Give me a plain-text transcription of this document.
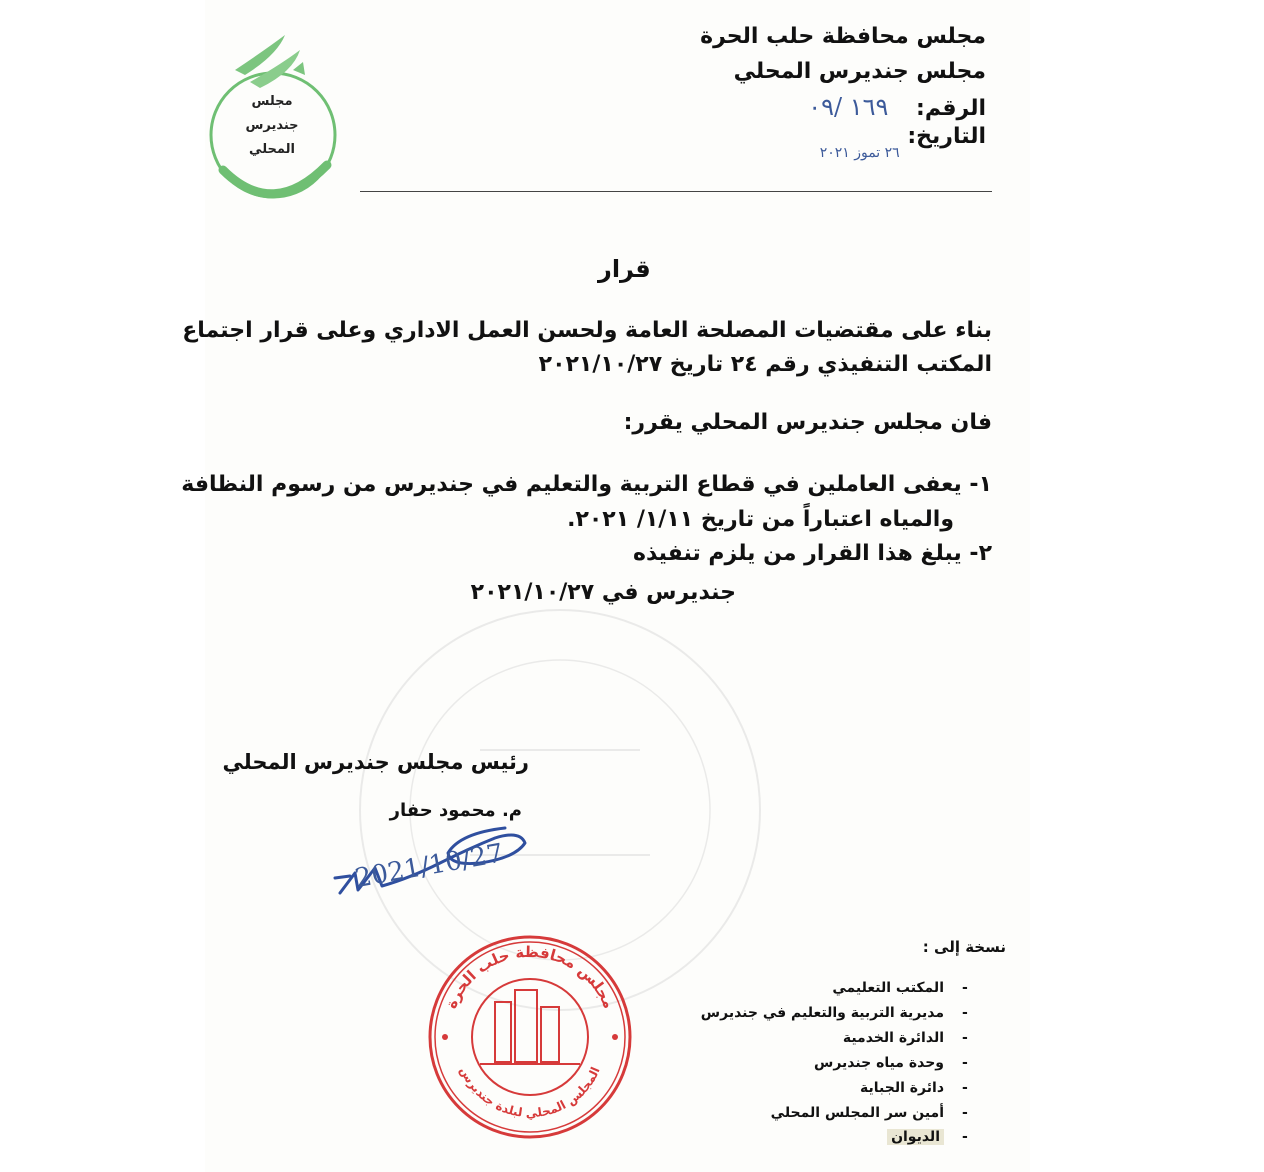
مجلس
جنديرس
المحلي
مجلس محافظة حلب الحرة
مجلس جنديرس المحلي
الرقم: ١٦٩ /٠٩
التاريخ: $_{٢٦ تموز ٢٠٢١}$
قرار
بناء على مقتضيات المصلحة العامة ولحسن العمل الاداري وعلى قرار اجتماع
المكتب التنفيذي رقم ٢٤ تاريخ ٢٠٢١/١٠/٢٧
فان مجلس جنديرس المحلي يقرر:
١- يعفى العاملين في قطاع التربية والتعليم في جنديرس من رسوم النظافة
والمياه اعتباراً من تاريخ ١/١١/ ٢٠٢١.
٢- يبلغ هذا القرار من يلزم تنفيذه
جنديرس في ٢٠٢١/١٠/٢٧
رئيس مجلس جنديرس المحلي
م. محمود حفار
2021/10/27
مجلس محافظة حلب الحرة
المجلس المحلي لبلدة جنديرس
نسخة إلى :
المكتب التعليمي
مديرية التربية والتعليم في جنديرس
الدائرة الخدمية
وحدة مياه جنديرس
دائرة الجباية
أمين سر المجلس المحلي
الديوان
-
-
-
-
-
-
-
